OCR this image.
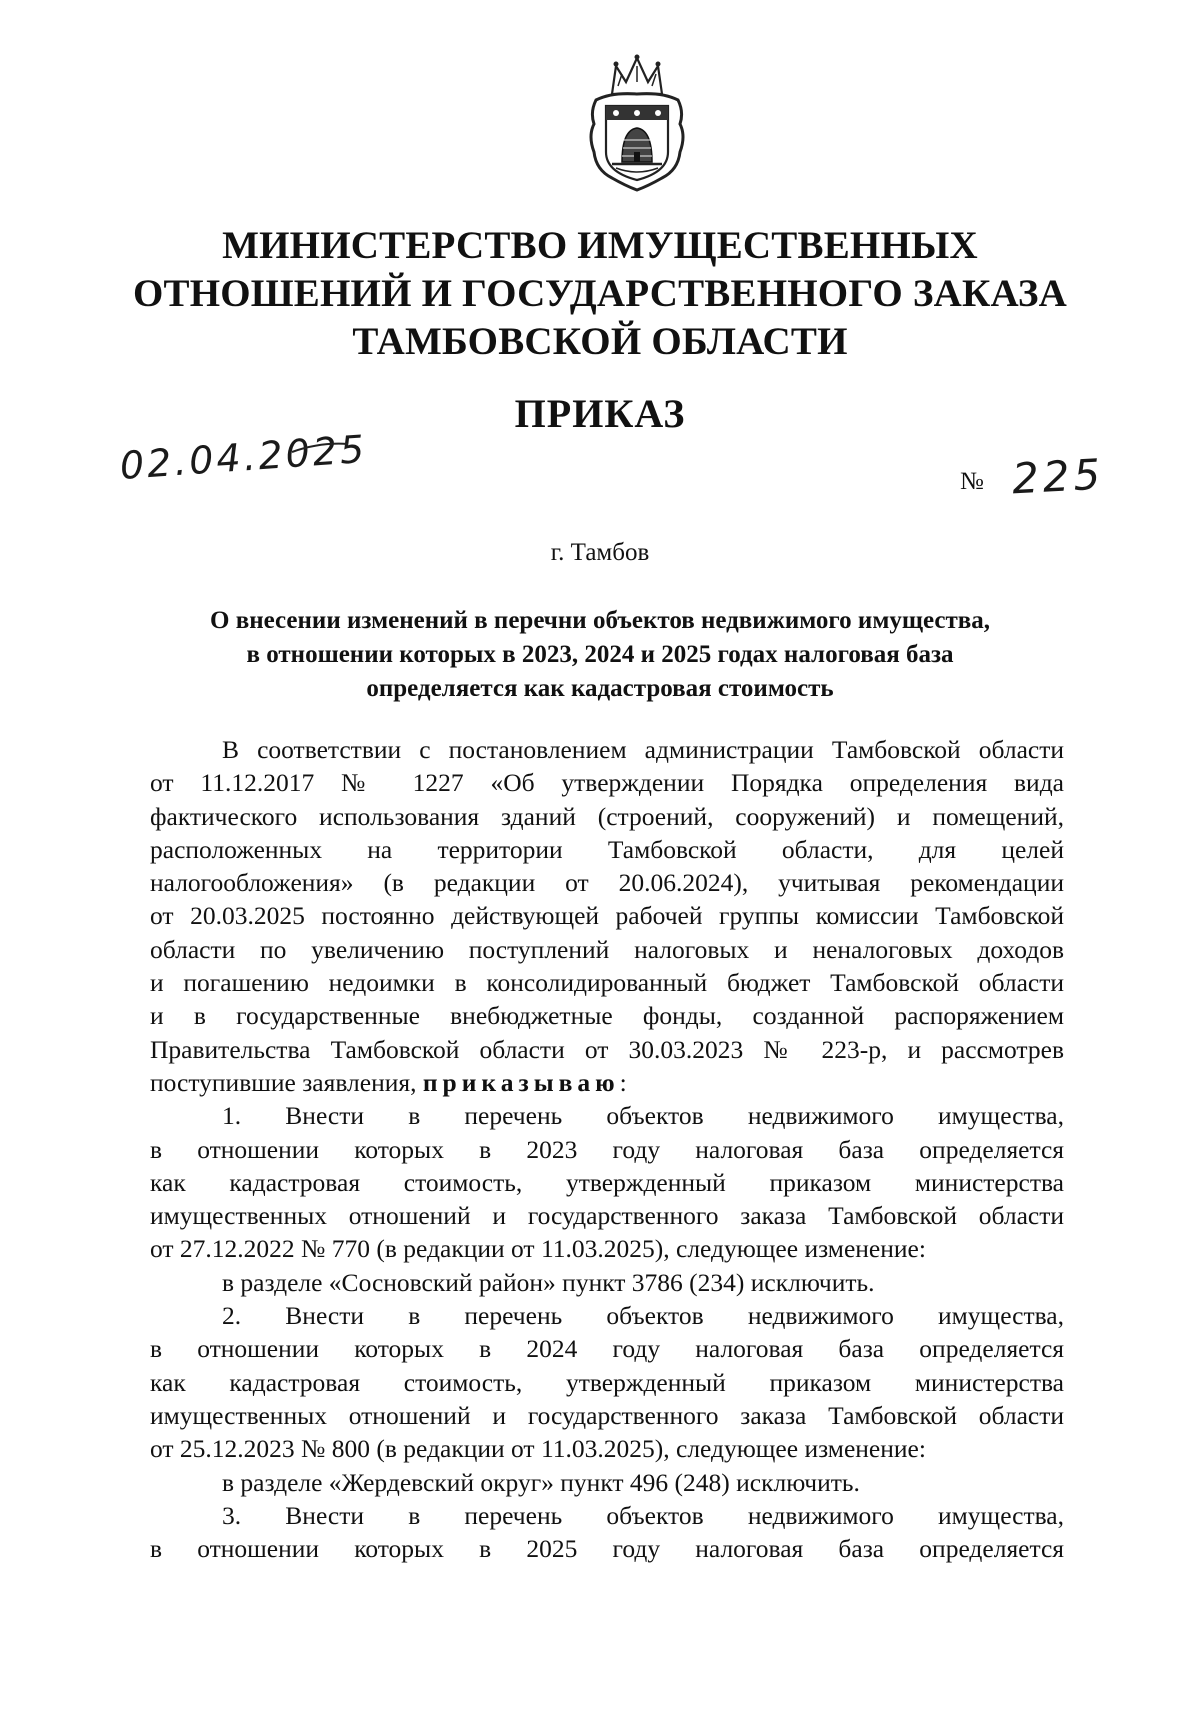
МИНИСТЕРСТВО ИМУЩЕСТВЕННЫХ
ОТНОШЕНИЙ И ГОСУДАРСТВЕННОГО ЗАКАЗА
ТАМБОВСКОЙ ОБЛАСТИ
ПРИКАЗ
02.04.2025	№ 225
г. Тамбов
О внесении изменений в перечни объектов недвижимого имущества,
в отношении которых в 2023, 2024 и 2025 годах налоговая база
определяется как кадастровая стоимость
В соответствии с постановлением администрации Тамбовской области
от 11.12.2017 № 1227 «Об утверждении Порядка определения вида
фактического использования зданий (строений, сооружений) и помещений,
расположенных на территории Тамбовской области, для целей
налогообложения» (в редакции от 20.06.2024), учитывая рекомендации
от 20.03.2025 постоянно действующей рабочей группы комиссии Тамбовской
области по увеличению поступлений налоговых и неналоговых доходов
и погашению недоимки в консолидированный бюджет Тамбовской области
и в государственные внебюджетные фонды, созданной распоряжением
Правительства Тамбовской области от 30.03.2023 № 223-р, и рассмотрев
поступившие заявления, приказываю:
1. Внести в перечень объектов недвижимого имущества,
в отношении которых в 2023 году налоговая база определяется
как кадастровая стоимость, утвержденный приказом министерства
имущественных отношений и государственного заказа Тамбовской области
от 27.12.2022 № 770 (в редакции от 11.03.2025), следующее изменение:
в разделе «Сосновский район» пункт 3786 (234) исключить.
2. Внести в перечень объектов недвижимого имущества,
в отношении которых в 2024 году налоговая база определяется
как кадастровая стоимость, утвержденный приказом министерства
имущественных отношений и государственного заказа Тамбовской области
от 25.12.2023 № 800 (в редакции от 11.03.2025), следующее изменение:
в разделе «Жердевский округ» пункт 496 (248) исключить.
3. Внести в перечень объектов недвижимого имущества,
в отношении которых в 2025 году налоговая база определяется
